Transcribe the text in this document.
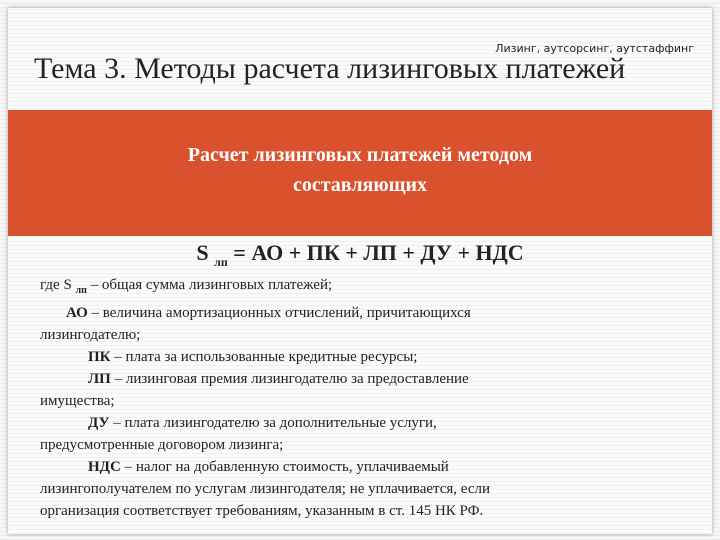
Лизинг, аутсорсинг, аутстаффинг
Тема 3. Методы расчета лизинговых платежей
Расчет лизинговых платежей методом
составляющих
S $_{лп}$ = АО + ПК + ЛП + ДУ + НДС

где S $_{лп}$ – общая сумма лизинговых платежей;

АО – величина амортизационных отчислений, причитающихся

лизингодателю;

ПК – плата за использованные кредитные ресурсы;

ЛП – лизинговая премия лизингодателю за предоставление

имущества;

ДУ – плата лизингодателю за дополнительные услуги,

предусмотренные договором лизинга;

НДС – налог на добавленную стоимость, уплачиваемый

лизингополучателем по услугам лизингодателя; не уплачивается, если

организация соответствует требованиям, указанным в ст. 145 НК РФ.
